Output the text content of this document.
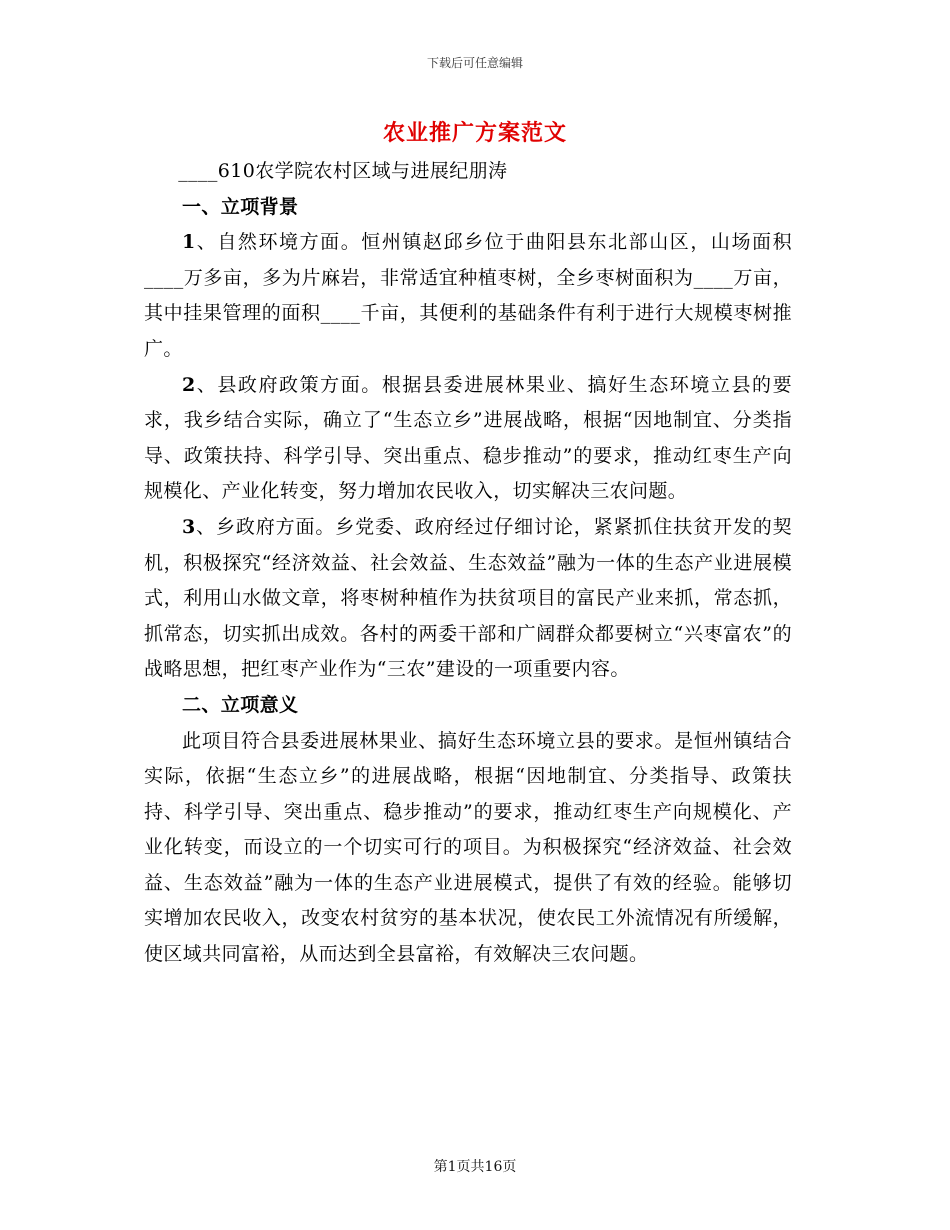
下载后可任意编辑
农业推广方案范文

____610农学院农村区域与进展纪朋涛

一、立项背景

1、自然环境方面。恒州镇赵邱乡位于曲阳县东北部山区，山场面积____万多亩，多为片麻岩，非常适宜种植枣树，全乡枣树面积为____万亩，其中挂果管理的面积____千亩，其便利的基础条件有利于进行大规模枣树推广。

2、县政府政策方面。根据县委进展林果业、搞好生态环境立县的要求，我乡结合实际，确立了“生态立乡”进展战略，根据“因地制宜、分类指导、政策扶持、科学引导、突出重点、稳步推动”的要求，推动红枣生产向规模化、产业化转变，努力增加农民收入，切实解决三农问题。

3、乡政府方面。乡党委、政府经过仔细讨论，紧紧抓住扶贫开发的契机，积极探究“经济效益、社会效益、生态效益”融为一体的生态产业进展模式，利用山水做文章，将枣树种植作为扶贫项目的富民产业来抓，常态抓，抓常态，切实抓出成效。各村的两委干部和广阔群众都要树立“兴枣富农”的战略思想，把红枣产业作为“三农”建设的一项重要内容。

二、立项意义

此项目符合县委进展林果业、搞好生态环境立县的要求。是恒州镇结合实际，依据“生态立乡”的进展战略，根据“因地制宜、分类指导、政策扶持、科学引导、突出重点、稳步推动”的要求，推动红枣生产向规模化、产业化转变，而设立的一个切实可行的项目。为积极探究“经济效益、社会效益、生态效益”融为一体的生态产业进展模式，提供了有效的经验。能够切实增加农民收入，改变农村贫穷的基本状况，使农民工外流情况有所缓解，使区域共同富裕，从而达到全县富裕，有效解决三农问题。

第1页共16页
